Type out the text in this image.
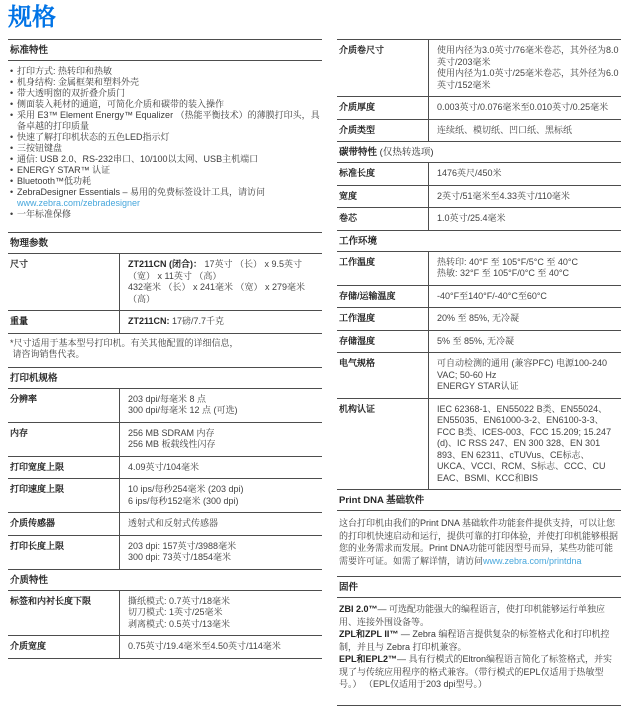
规格
标准特性
• 打印方式: 热转印和热敏
• 机身结构: 金属框架和塑料外壳
• 带大透明窗的双折叠介质门
• 侧面装入耗材的通道，可简化介质和碳带的装入操作
• 采用 E3™ Element Energy™ Equalizer （热能平衡技术）的薄膜打印头，具备卓越的打印质量
• 快速了解打印机状态的五色LED指示灯
• 三按钮键盘
• 通信: USB 2.0、RS-232串口、10/100以太网、USB主机端口
• ENERGY STAR™ 认证
• Bluetooth™低功耗
• ZebraDesigner Essentials – 易用的免费标签设计工具，请访问 www.zebra.com/zebradesigner
• 一年标准保修
物理参数
尺寸	ZT211CN (闭合)： 17英寸 （长） x 9.5英寸 （宽） x 11英寸 （高）
432毫米 （长） x 241毫米 （宽） x 279毫米 （高）
重量	ZT211CN: 17磅/7.7千克
*尺寸适用于基本型号打印机。有关其他配置的详细信息，
请咨询销售代表。
打印机规格
分辨率	203 dpi/每毫米 8 点
300 dpi/每毫米 12 点 (可选)
内存	256 MB SDRAM 内存
256 MB 板载线性闪存
打印宽度上限	4.09英寸/104毫米
打印速度上限	10 ips/每秒254毫米 (203 dpi)
6 ips/每秒152毫米 (300 dpi)
介质传感器	透射式和反射式传感器
打印长度上限	203 dpi: 157英寸/3988毫米
300 dpi: 73英寸/1854毫米
介质特性
标签和内衬长度下限	撕纸模式: 0.7英寸/18毫米
切刀模式: 1英寸/25毫米
剥离模式: 0.5英寸/13毫米
介质宽度	0.75英寸/19.4毫米至4.50英寸/114毫米
介质卷尺寸	使用内径为3.0英寸/76毫米卷芯，其外径为8.0英寸/203毫米
使用内径为1.0英寸/25毫米卷芯，其外径为6.0英寸/152毫米
介质厚度	0.003英寸/0.076毫米至0.010英寸/0.25毫米
介质类型	连续纸、模切纸、凹口纸、黑标纸
碳带特性 (仅热转选项)
标准长度	1476英尺/450米
宽度	2英寸/51毫米至4.33英寸/110毫米
卷芯	1.0英寸/25.4毫米
工作环境
工作温度	热转印: 40°F 至 105°F/5°C 至 40°C
热敏: 32°F 至 105°F/0°C 至 40°C
存储/运输温度	-40°F至140°F/-40°C至60°C
工作湿度	20% 至 85%, 无冷凝
存储湿度	5% 至 85%, 无冷凝
电气规格	可自动检测的通用 (兼容PFC) 电源100-240 VAC; 50-60 Hz
ENERGY STAR认证
机构认证	IEC 62368-1、EN55022 B类、EN55024、EN55035、EN61000-3-2、EN6100-3-3、FCC B类、ICES-003、FCC 15.209; 15.247 (d)、IC RSS 247、EN 300 328、EN 301 893、EN 62311、cTUVus、CE标志、UKCA、VCCI、RCM、S标志、CCC、CU EAC、BSMI、KCC和BIS
Print DNA 基础软件

这台打印机由我们的Print DNA 基础软件功能套件提供支持，可以让您的打印机快速启动和运行，提供可靠的打印体验，并使打印机能够根据您的业务需求而发展。Print DNA功能可能因型号而异，某些功能可能需要许可证。如需了解详情，请访问www.zebra.com/printdna

固件

ZBI 2.0™— 可选配功能强大的编程语言，使打印机能够运行单独应用、连接外围设备等。

ZPL和ZPL II™ — Zebra 编程语言提供复杂的标签格式化和打印机控制，并且与 Zebra 打印机兼容。

EPL和EPL2™— 具有行模式的Eltron编程语言简化了标签格式，并实现了与传统应用程序的格式兼容。（带行模式的EPL仅适用于热敏型号。） （EPL仅适用于203 dpi型号。）
